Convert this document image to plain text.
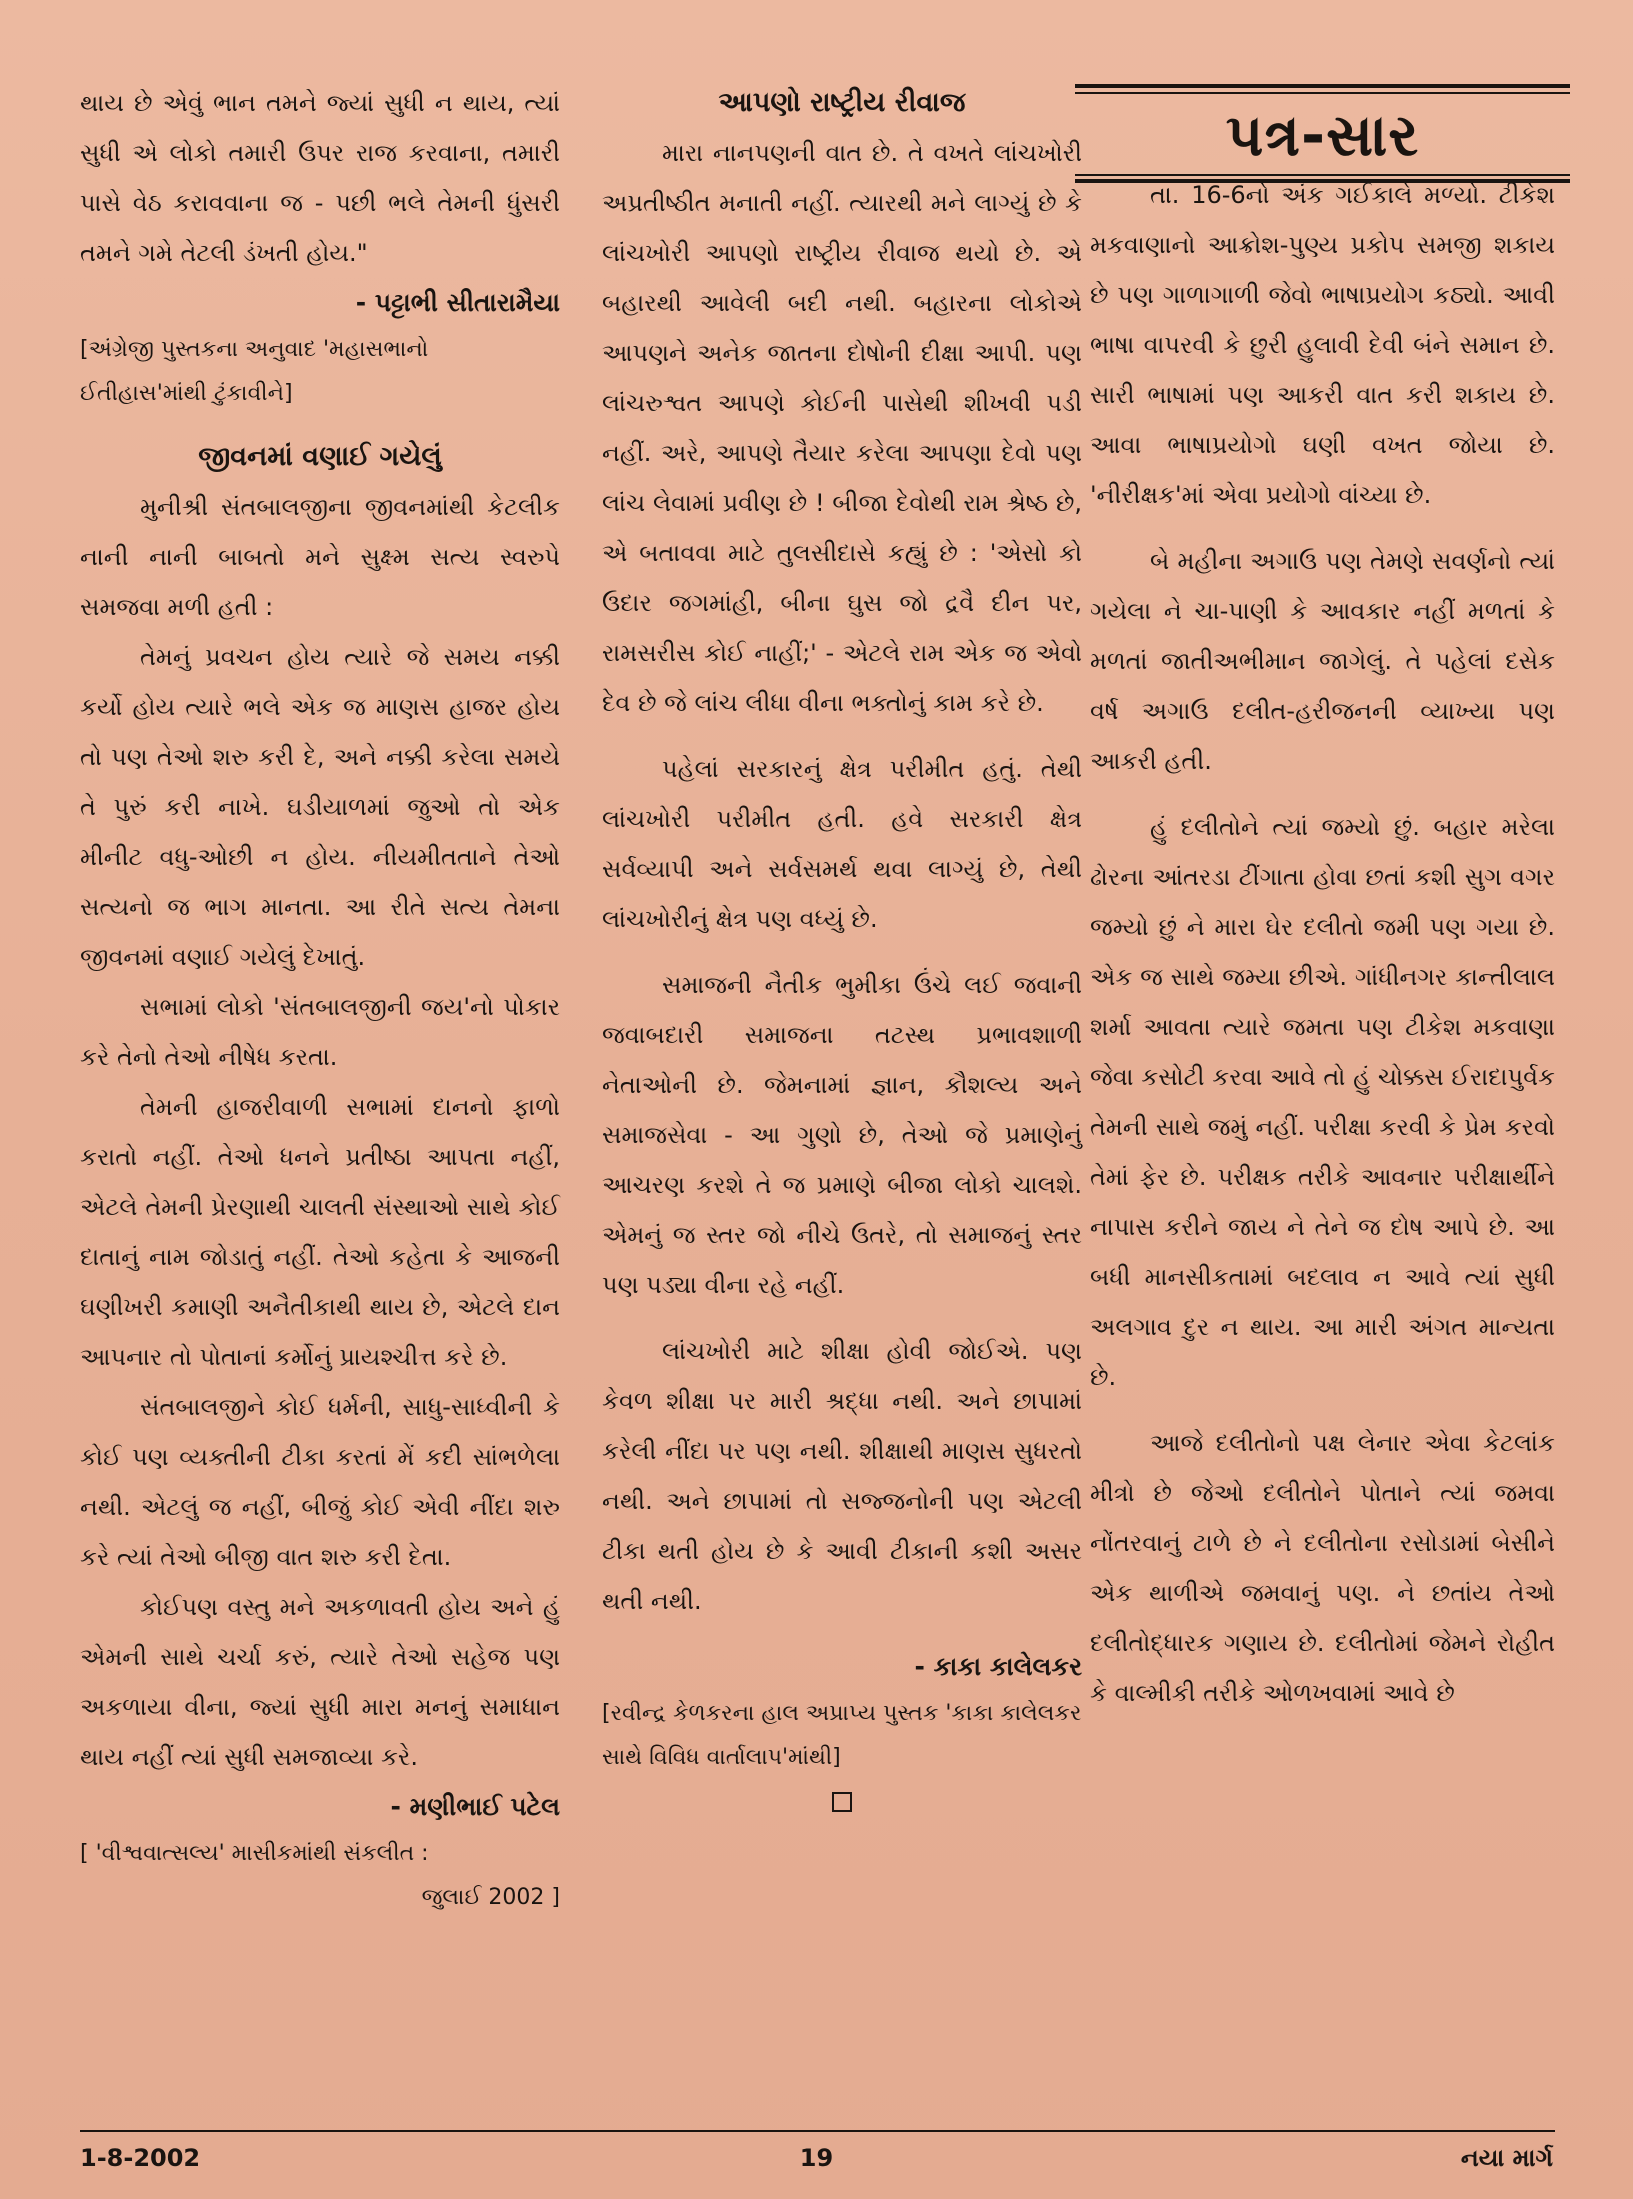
થાય છે એવું ભાન તમને જ્યાં સુધી ન થાય, ત્યાં સુધી એ લોકો તમારી ઉપર રાજ કરવાના, તમારી પાસે વેઠ કરાવવાના જ - પછી ભલે તેમની ધુંસરી તમને ગમે તેટલી ડંખતી હોય."

- પટ્ટાભી સીતારામૈયા

[અંગ્રેજી પુસ્તકના અનુવાદ 'મહાસભાનો ઈતીહાસ'માંથી ટુંકાવીને]

જીવનમાં વણાઈ ગયેલું

મુનીશ્રી સંતબાલજીના જીવનમાંથી કેટલીક નાની નાની બાબતો મને સુક્ષ્મ સત્ય સ્વરુપે સમજવા મળી હતી :

તેમનું પ્રવચન હોય ત્યારે જે સમય નક્કી કર્યો હોય ત્યારે ભલે એક જ માણસ હાજર હોય તો પણ તેઓ શરુ કરી દે, અને નક્કી કરેલા સમયે તે પુરું કરી નાખે. ઘડીયાળમાં જુઓ તો એક મીનીટ વધુ-ઓછી ન હોય. નીયમીતતાને તેઓ સત્યનો જ ભાગ માનતા. આ રીતે સત્ય તેમના જીવનમાં વણાઈ ગયેલું દેખાતું.

સભામાં લોકો 'સંતબાલજીની જય'નો પોકાર કરે તેનો તેઓ નીષેધ કરતા.

તેમની હાજરીવાળી સભામાં દાનનો ફાળો કરાતો નહીં. તેઓ ધનને પ્રતીષ્ઠા આપતા નહીં, એટલે તેમની પ્રેરણાથી ચાલતી સંસ્થાઓ સાથે કોઈ દાતાનું નામ જોડાતું નહીં. તેઓ કહેતા કે આજની ઘણીખરી કમાણી અનૈતીકાથી થાય છે, એટલે દાન આપનાર તો પોતાનાં કર્મોનું પ્રાયશ્ચીત્ત કરે છે.

સંતબાલજીને કોઈ ધર્મની, સાધુ-સાધ્વીની કે કોઈ પણ વ્યક્તીની ટીકા કરતાં મેં કદી સાંભળેલા નથી. એટલું જ નહીં, બીજું કોઈ એવી નીંદા શરુ કરે ત્યાં તેઓ બીજી વાત શરુ કરી દેતા.

કોઈપણ વસ્તુ મને અકળાવતી હોય અને હું એમની સાથે ચર્ચા કરું, ત્યારે તેઓ સહેજ પણ અકળાયા વીના, જ્યાં સુધી મારા મનનું સમાધાન થાય નહીં ત્યાં સુધી સમજાવ્યા કરે.

- મણીભાઈ પટેલ

[ 'વીશ્વવાત્સલ્ય' માસીકમાંથી સંકલીત :

જુલાઈ 2002 ]

આપણો રાષ્ટ્રીય રીવાજ

મારા નાનપણની વાત છે. તે વખતે લાંચખોરી અપ્રતીષ્ઠીત મનાતી નહીં. ત્યારથી મને લાગ્યું છે કે લાંચખોરી આપણો રાષ્ટ્રીય રીવાજ થયો છે. એ બહારથી આવેલી બદી નથી. બહારના લોકોએ આપણને અનેક જાતના દોષોની દીક્ષા આપી. પણ લાંચરુશ્વત આપણે કોઈની પાસેથી શીખવી પડી નહીં. અરે, આપણે તૈયાર કરેલા આપણા દેવો પણ લાંચ લેવામાં પ્રવીણ છે ! બીજા દેવોથી રામ શ્રેષ્ઠ છે, એ બતાવવા માટે તુલસીદાસે કહ્યું છે : 'એસો કો ઉદાર જગમાંહી, બીના ઘુસ જો દ્રવૈ દીન પર, રામસરીસ કોઈ નાહીં;' - એટલે રામ એક જ એવો દેવ છે જે લાંચ લીધા વીના ભક્તોનું કામ કરે છે.

પહેલાં સરકારનું ક્ષેત્ર પરીમીત હતું. તેથી લાંચખોરી પરીમીત હતી. હવે સરકારી ક્ષેત્ર સર્વવ્યાપી અને સર્વસમર્થ થવા લાગ્યું છે, તેથી લાંચખોરીનું ક્ષેત્ર પણ વધ્યું છે.

સમાજની નૈતીક ભુમીકા ઉંચે લઈ જવાની જવાબદારી સમાજના તટસ્થ પ્રભાવશાળી નેતાઓની છે. જેમનામાં જ્ઞાન, કૌશલ્ય અને સમાજસેવા - આ ગુણો છે, તેઓ જે પ્રમાણેનું આચરણ કરશે તે જ પ્રમાણે બીજા લોકો ચાલશે. એમનું જ સ્તર જો નીચે ઉતરે, તો સમાજનું સ્તર પણ પડ્યા વીના રહે નહીં.

લાંચખોરી માટે શીક્ષા હોવી જોઈએ. પણ કેવળ શીક્ષા પર મારી શ્રદ્ધા નથી. અને છાપામાં કરેલી નીંદા પર પણ નથી. શીક્ષાથી માણસ સુધરતો નથી. અને છાપામાં તો સજ્જનોની પણ એટલી ટીકા થતી હોય છે કે આવી ટીકાની કશી અસર થતી નથી.

- કાકા કાલેલકર

[રવીન્દ્ર કેળકરના હાલ અપ્રાપ્ય પુસ્તક 'કાકા કાલેલકર સાથે વિવિધ વાર્તાલાપ'માંથી]

પત્ર-સાર

તા. 16-6નો અંક ગઈકાલે મળ્યો. ટીકેશ મકવાણાનો આક્રોશ-પુણ્ય પ્રકોપ સમજી શકાય છે પણ ગાળાગાળી જેવો ભાષાપ્રયોગ કઠ્યો. આવી ભાષા વાપરવી કે છુરી હુલાવી દેવી બંને સમાન છે. સારી ભાષામાં પણ આકરી વાત કરી શકાય છે. આવા ભાષાપ્રયોગો ઘણી વખત જોયા છે. 'નીરીક્ષક'માં એવા પ્રયોગો વાંચ્યા છે.

બે મહીના અગાઉ પણ તેમણે સવર્ણનો ત્યાં ગયેલા ને ચા-પાણી કે આવકાર નહીં મળતાં કે મળતાં જાતીઅભીમાન જાગેલું. તે પહેલાં દસેક વર્ષ અગાઉ દલીત-હરીજનની વ્યાખ્યા પણ આકરી હતી.

હું દલીતોને ત્યાં જમ્યો છું. બહાર મરેલા ઢોરના આંતરડા ટીંગાતા હોવા છતાં કશી સુગ વગર જમ્યો છું ને મારા ઘેર દલીતો જમી પણ ગયા છે. એક જ સાથે જમ્યા છીએ. ગાંધીનગર કાન્તીલાલ શર્મા આવતા ત્યારે જમતા પણ ટીકેશ મકવાણા જેવા કસોટી કરવા આવે તો હું ચોક્કસ ઈરાદાપુર્વક તેમની સાથે જમું નહીં. પરીક્ષા કરવી કે પ્રેમ કરવો તેમાં ફેર છે. પરીક્ષક તરીકે આવનાર પરીક્ષાર્થીને નાપાસ કરીને જાય ને તેને જ દોષ આપે છે. આ બધી માનસીકતામાં બદલાવ ન આવે ત્યાં સુધી અલગાવ દુર ન થાય. આ મારી અંગત માન્યતા છે.

આજે દલીતોનો પક્ષ લેનાર એવા કેટલાંક મીત્રો છે જેઓ દલીતોને પોતાને ત્યાં જમવા નોંતરવાનું ટાળે છે ને દલીતોના રસોડામાં બેસીને એક થાળીએ જમવાનું પણ. ને છતાંય તેઓ દલીતોદ્ધારક ગણાય છે. દલીતોમાં જેમને રોહીત કે વાલ્મીકી તરીકે ઓળખવામાં આવે છે

1-8-2002	19	નયા માર્ગ
